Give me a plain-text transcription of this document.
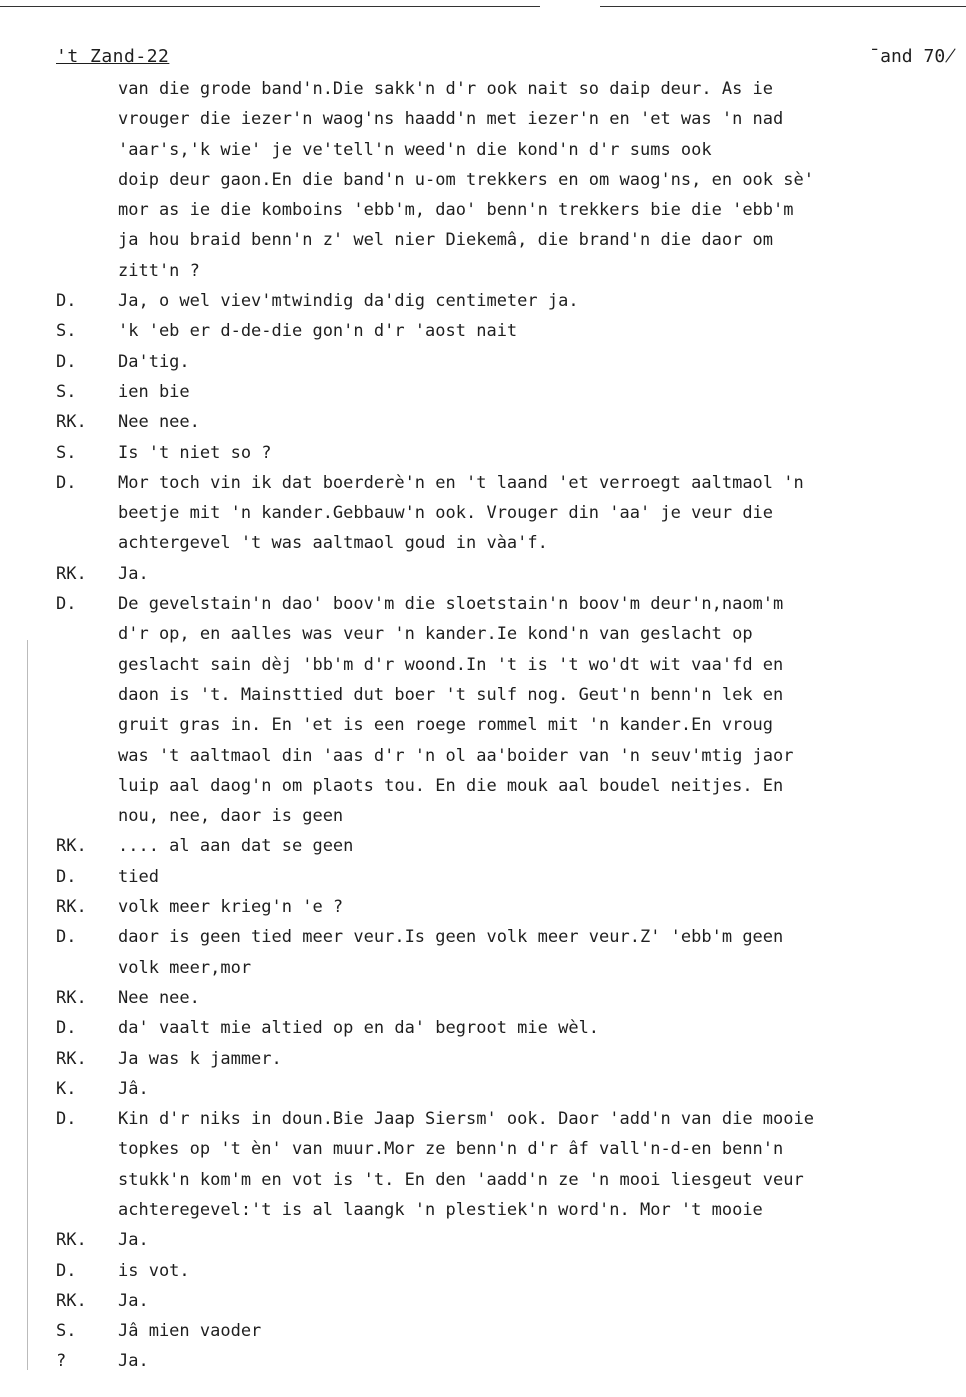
't Zand-22	¯and 70̸
van die grode band'n.Die sakk'n d'r ook nait so daip deur. As ie
vrouger die iezer'n waog'ns haadd'n met iezer'n en 'et was 'n nad
'aar's,'k wie' je ve'tell'n weed'n die kond'n d'r sums ook
doip deur gaon.En die band'n u-om trekkers en om waog'ns, en ook sè'
mor as ie die komboins 'ebb'm, dao' benn'n trekkers bie die 'ebb'm
ja hou braid benn'n z' wel nier Diekemâ, die brand'n die daor om
zitt'n ?
D.	Ja, o wel viev'mtwindig da'dig centimeter ja.
S.	'k 'eb er d-de-die gon'n d'r 'aost nait
D.	Da'tig.
S.	ien bie
RK.	Nee nee.
S.	Is 't niet so ?
D.	Mor toch vin ik dat boerderè'n en 't laand 'et verroegt aaltmaol 'n
beetje mit 'n kander.Gebbauw'n ook. Vrouger din 'aa' je veur die
achtergevel 't was aaltmaol goud in vàa'f.
RK.	Ja.
D.	De gevelstain'n dao' boov'm die sloetstain'n boov'm deur'n,naom'm
d'r op, en aalles was veur 'n kander.Ie kond'n van geslacht op
geslacht sain dèj 'bb'm d'r woond.In 't is 't wo'dt wit vaa'fd en
daon is 't. Mainsttied dut boer 't sulf nog. Geut'n benn'n lek en
gruit gras in. En 'et is een roege rommel mit 'n kander.En vroug
was 't aaltmaol din 'aas d'r 'n ol aa'boider van 'n seuv'mtig jaor
luip aal daog'n om plaots tou. En die mouk aal boudel neitjes. En
nou, nee, daor is geen
RK.	.... al aan dat se geen
D.	tied
RK.	volk meer krieg'n 'e ?
D.	daor is geen tied meer veur.Is geen volk meer veur.Z' 'ebb'm geen
volk meer,mor
RK.	Nee nee.
D.	da' vaalt mie altied op en da' begroot mie wèl.
RK.	Ja was k jammer.
K.	Jâ.
D.	Kin d'r niks in doun.Bie Jaap Siersm' ook. Daor 'add'n van die mooie
topkes op 't èn' van muur.Mor ze benn'n d'r âf vall'n-d-en benn'n
stukk'n kom'm en vot is 't. En den 'aadd'n ze 'n mooi liesgeut veur
achteregevel:'t is al laangk 'n plestiek'n word'n. Mor 't mooie
RK.	Ja.
D.	is vot.
RK.	Ja.
S.	Jâ mien vaoder
?	Ja.
